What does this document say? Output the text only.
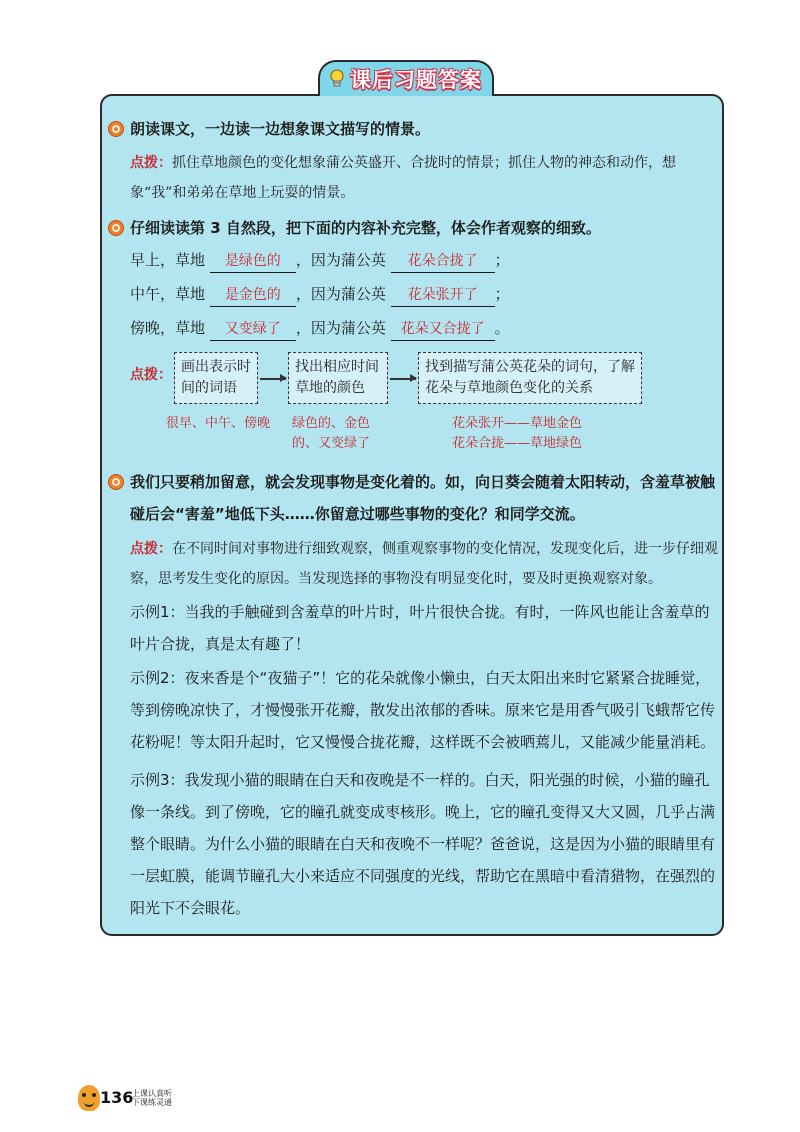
课后习题答案
朗读课文，一边读一边想象课文描写的情景。
点拨：抓住草地颜色的变化想象蒲公英盛开、合拢时的情景；抓住人物的神态和动作，想象“我”和弟弟在草地上玩耍的情景。
仔细读读第 3 自然段，把下面的内容补充完整，体会作者观察的细致。
早上，草地 是绿色的 ，因为蒲公英 花朵合拢了 ；
中午，草地 是金色的 ，因为蒲公英 花朵张开了 ；
傍晚，草地 又变绿了 ，因为蒲公英 花朵又合拢了 。
点拨： 画出表示时间的词语
找出相应时间草地的颜色
找到描写蒲公英花朵的词句，了解花朵与草地颜色变化的关系
很早、中午、傍晚	绿色的、金色的、又变绿了
花朵张开——草地金色
花朵合拢——草地绿色
我们只要稍加留意，就会发现事物是变化着的。如，向日葵会随着太阳转动，含羞草被触碰后会“害羞”地低下头……你留意过哪些事物的变化？和同学交流。
点拨：在不同时间对事物进行细致观察，侧重观察事物的变化情况，发现变化后，进一步仔细观察，思考发生变化的原因。当发现选择的事物没有明显变化时，要及时更换观察对象。
示例1：当我的手触碰到含羞草的叶片时，叶片很快合拢。有时，一阵风也能让含羞草的叶片合拢，真是太有趣了！
示例2：夜来香是个“夜猫子”！它的花朵就像小懒虫，白天太阳出来时它紧紧合拢睡觉，等到傍晚凉快了，才慢慢张开花瓣，散发出浓郁的香味。原来它是用香气吸引飞蛾帮它传花粉呢！等太阳升起时，它又慢慢合拢花瓣，这样既不会被晒蔫儿，又能减少能量消耗。
示例3：我发现小猫的眼睛在白天和夜晚是不一样的。白天，阳光强的时候，小猫的瞳孔像一条线。到了傍晚，它的瞳孔就变成枣核形。晚上，它的瞳孔变得又大又圆，几乎占满整个眼睛。为什么小猫的眼睛在白天和夜晚不一样呢？爸爸说，这是因为小猫的眼睛里有一层虹膜，能调节瞳孔大小来适应不同强度的光线，帮助它在黑暗中看清猎物，在强烈的阳光下不会眼花。
136
上课认真听 下课练灵通
